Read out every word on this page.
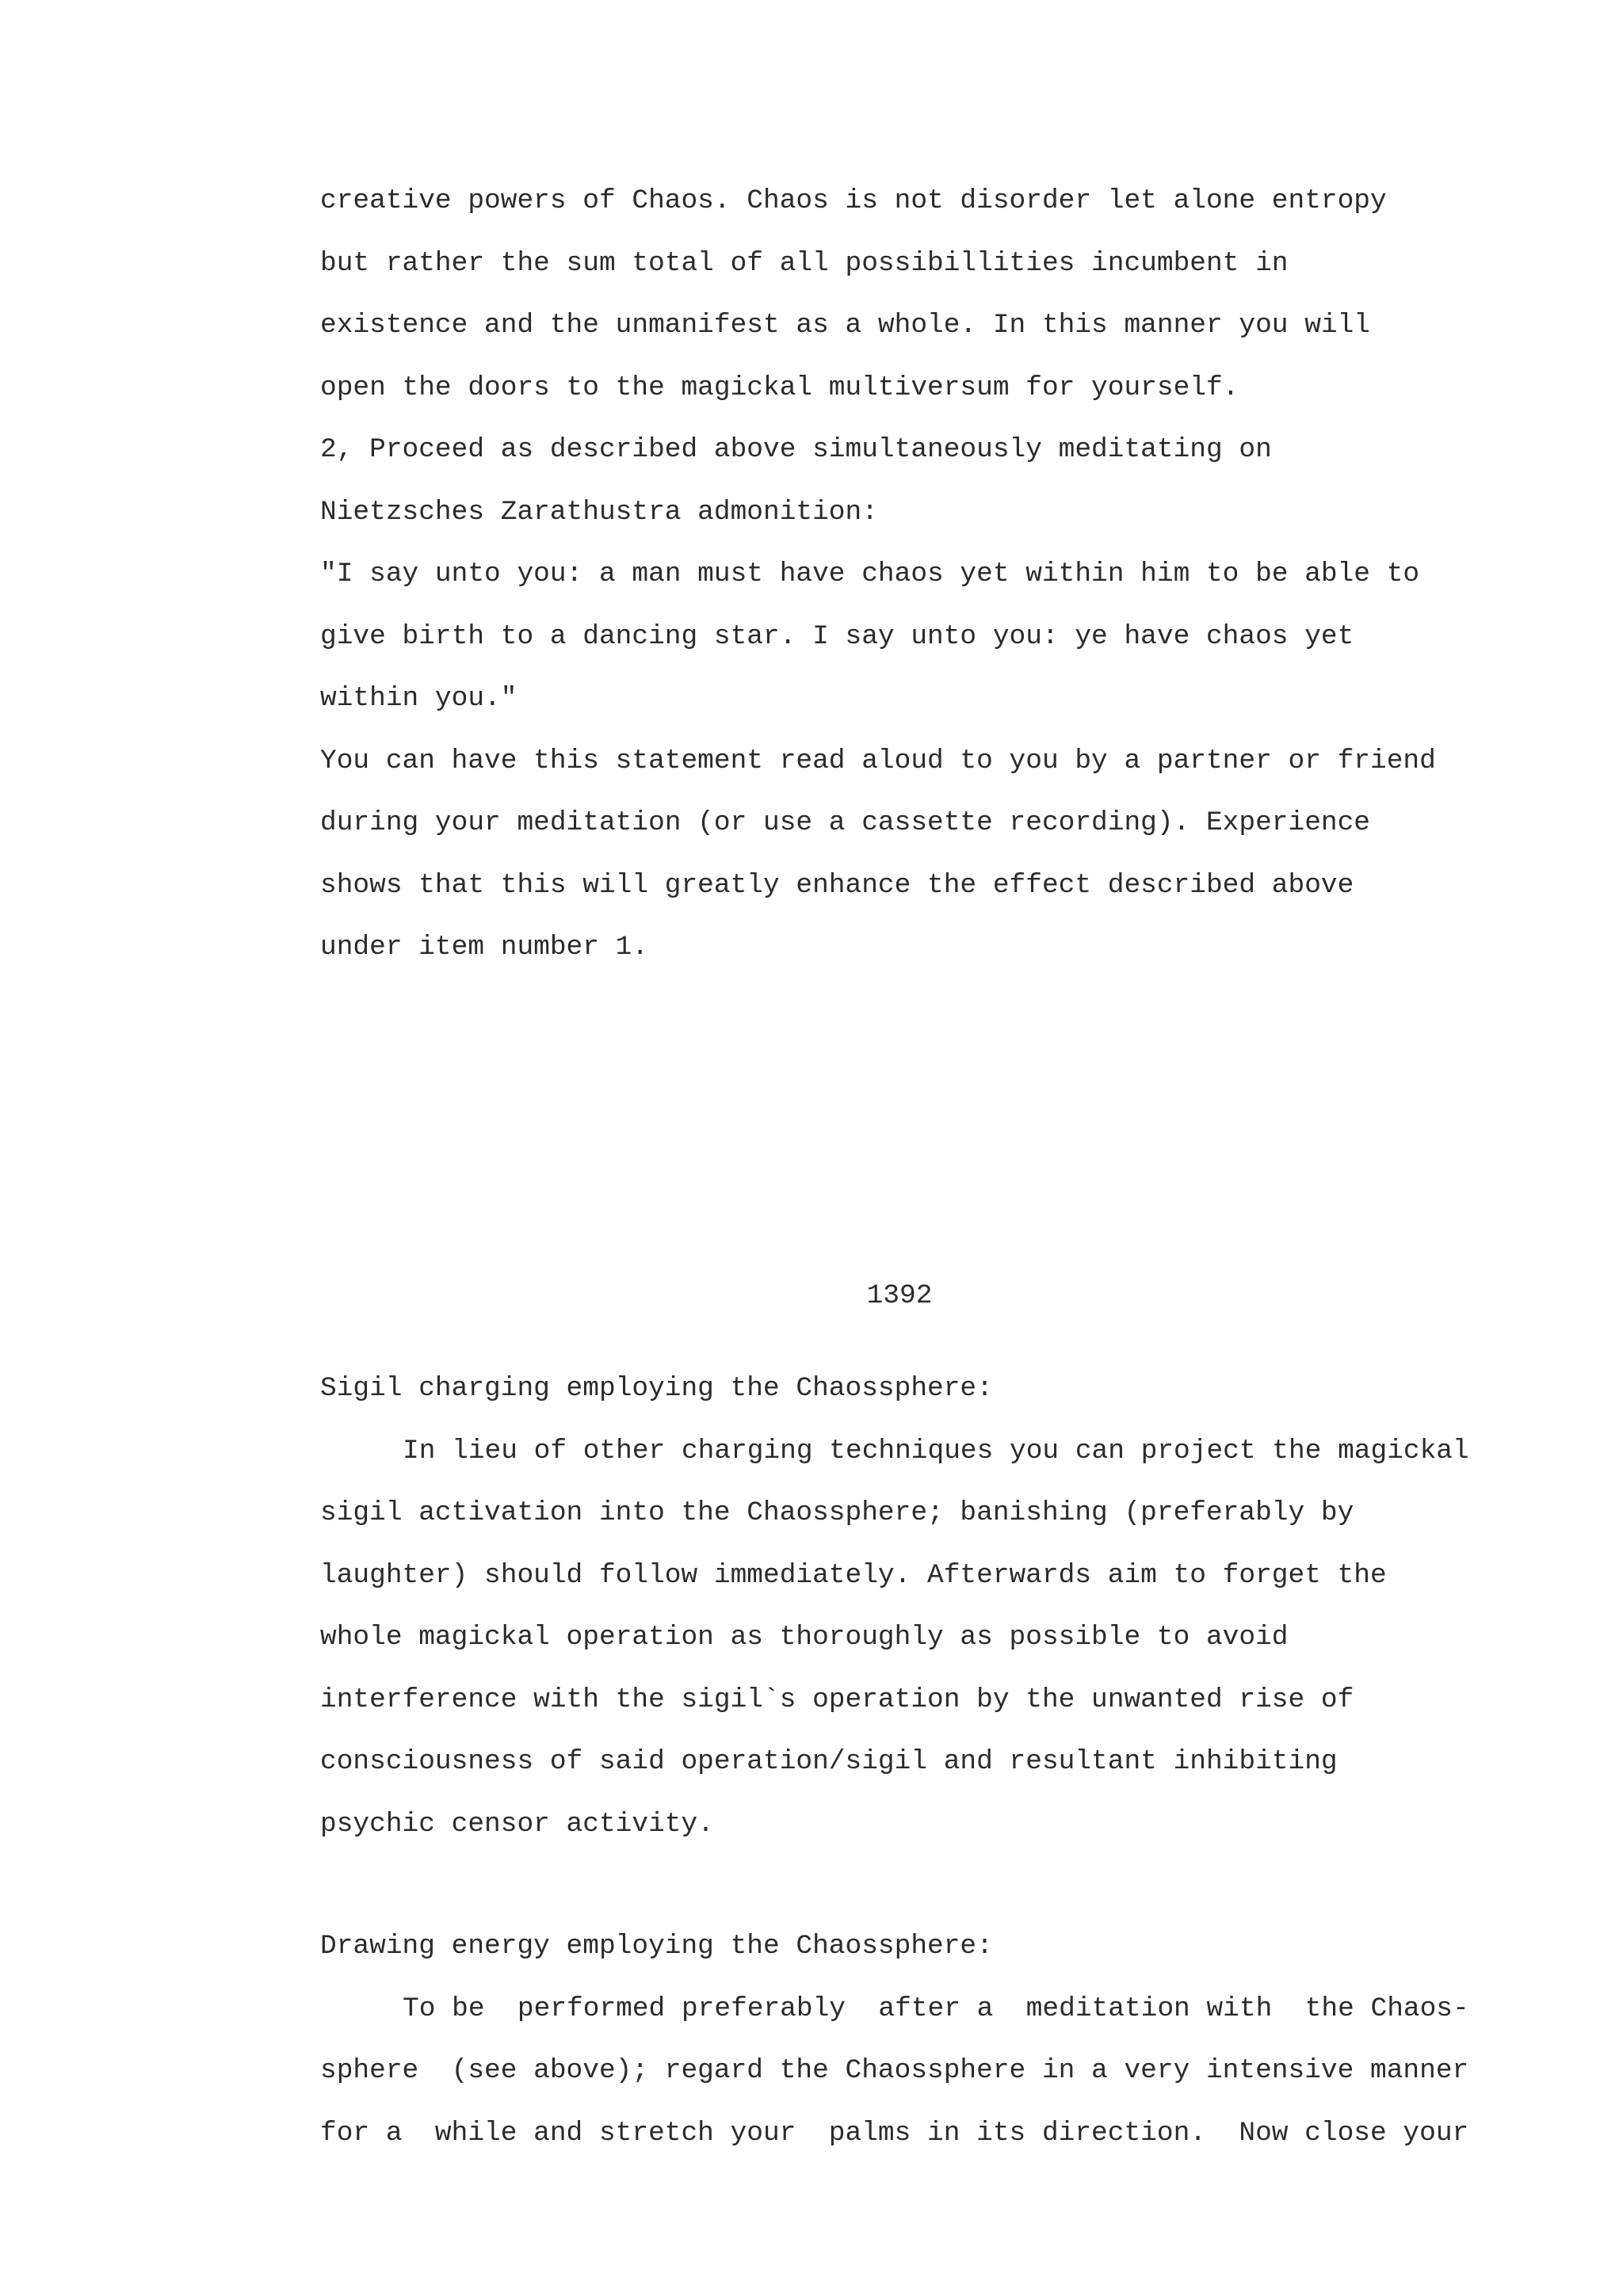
creative powers of Chaos. Chaos is not disorder let alone entropy
but rather the sum total of all possibillities incumbent in
existence and the unmanifest as a whole. In this manner you will
open the doors to the magickal multiversum for yourself.
2, Proceed as described above simultaneously meditating on
Nietzsches Zarathustra admonition:
"I say unto you: a man must have chaos yet within him to be able to
give birth to a dancing star. I say unto you: ye have chaos yet
within you."
You can have this statement read aloud to you by a partner or friend
during your meditation (or use a cassette recording). Experience
shows that this will greatly enhance the effect described above
under item number 1.
1392
Sigil charging employing the Chaossphere:
In lieu of other charging techniques you can project the magickal
sigil activation into the Chaossphere; banishing (preferably by
laughter) should follow immediately. Afterwards aim to forget the
whole magickal operation as thoroughly as possible to avoid
interference with the sigil`s operation by the unwanted rise of
consciousness of said operation/sigil and resultant inhibiting
psychic censor activity.
Drawing energy employing the Chaossphere:
To be  performed preferably  after a  meditation with  the Chaos-
sphere  (see above); regard the Chaossphere in a very intensive manner
for a  while and stretch your  palms in its direction.  Now close your
